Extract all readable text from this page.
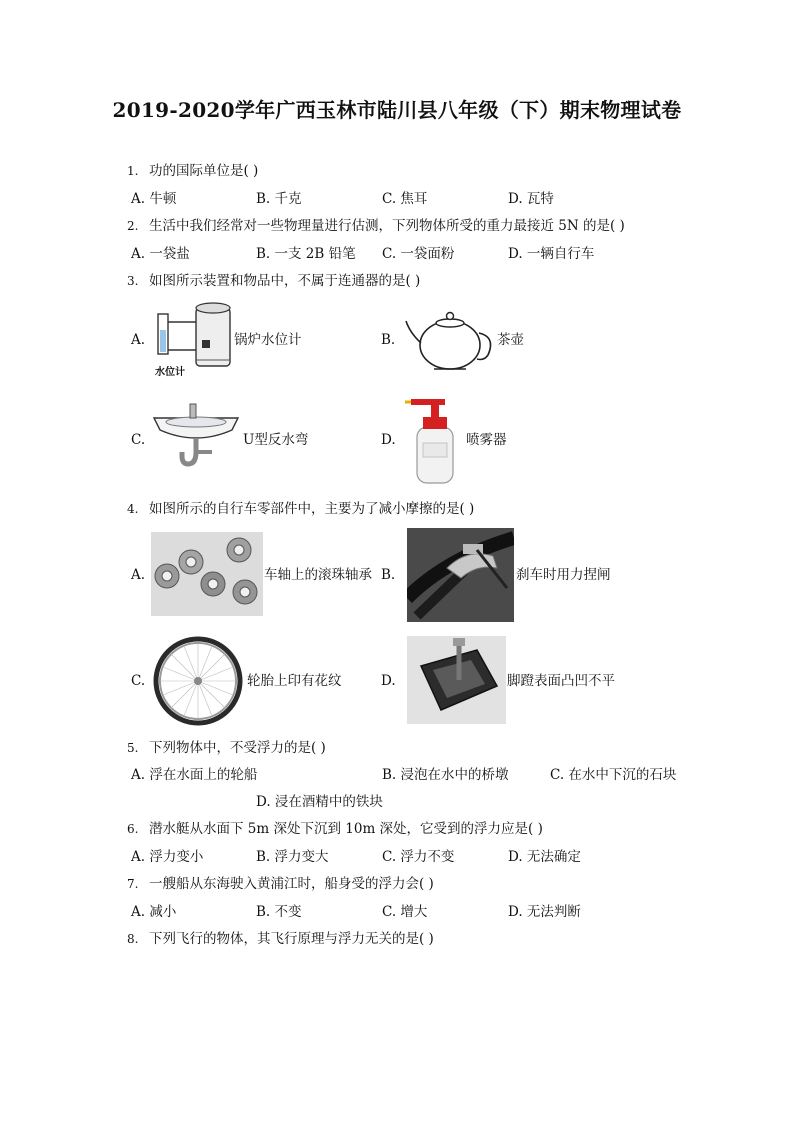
2019-2020学年广西玉林市陆川县八年级（下）期末物理试卷
1. 功的国际单位是( )
A. 牛顿	B. 千克	C. 焦耳	D. 瓦特
2. 生活中我们经常对一些物理量进行估测，下列物体所受的重力最接近 5N 的是( )
A. 一袋盐	B. 一支 2B 铅笔 C. 一袋面粉	D. 一辆自行车
3. 如图所示装置和物品中，不属于连通器的是( )
A.
水位计
锅炉水位计	B.	茶壶
C.	U型反水弯	D.	喷雾器
4. 如图所示的自行车零部件中，主要为了减小摩擦的是( )
A.	车轴上的滚珠轴承 B.	刹车时用力捏闸
C.	轮胎上印有花纹	D.	脚蹬表面凸凹不平
5. 下列物体中，不受浮力的是( )
A. 浮在水面上的轮船	B. 浸泡在水中的桥墩	C. 在水中下沉的石块
D. 浸在酒精中的铁块
6. 潜水艇从水面下 5m 深处下沉到 10m 深处，它受到的浮力应是( )
A. 浮力变小	B. 浮力变大	C. 浮力不变	D. 无法确定
7. 一艘船从东海驶入黄浦江时，船身受的浮力会( )
A. 减小	B. 不变	C. 增大	D. 无法判断
8. 下列飞行的物体，其飞行原理与浮力无关的是( )
